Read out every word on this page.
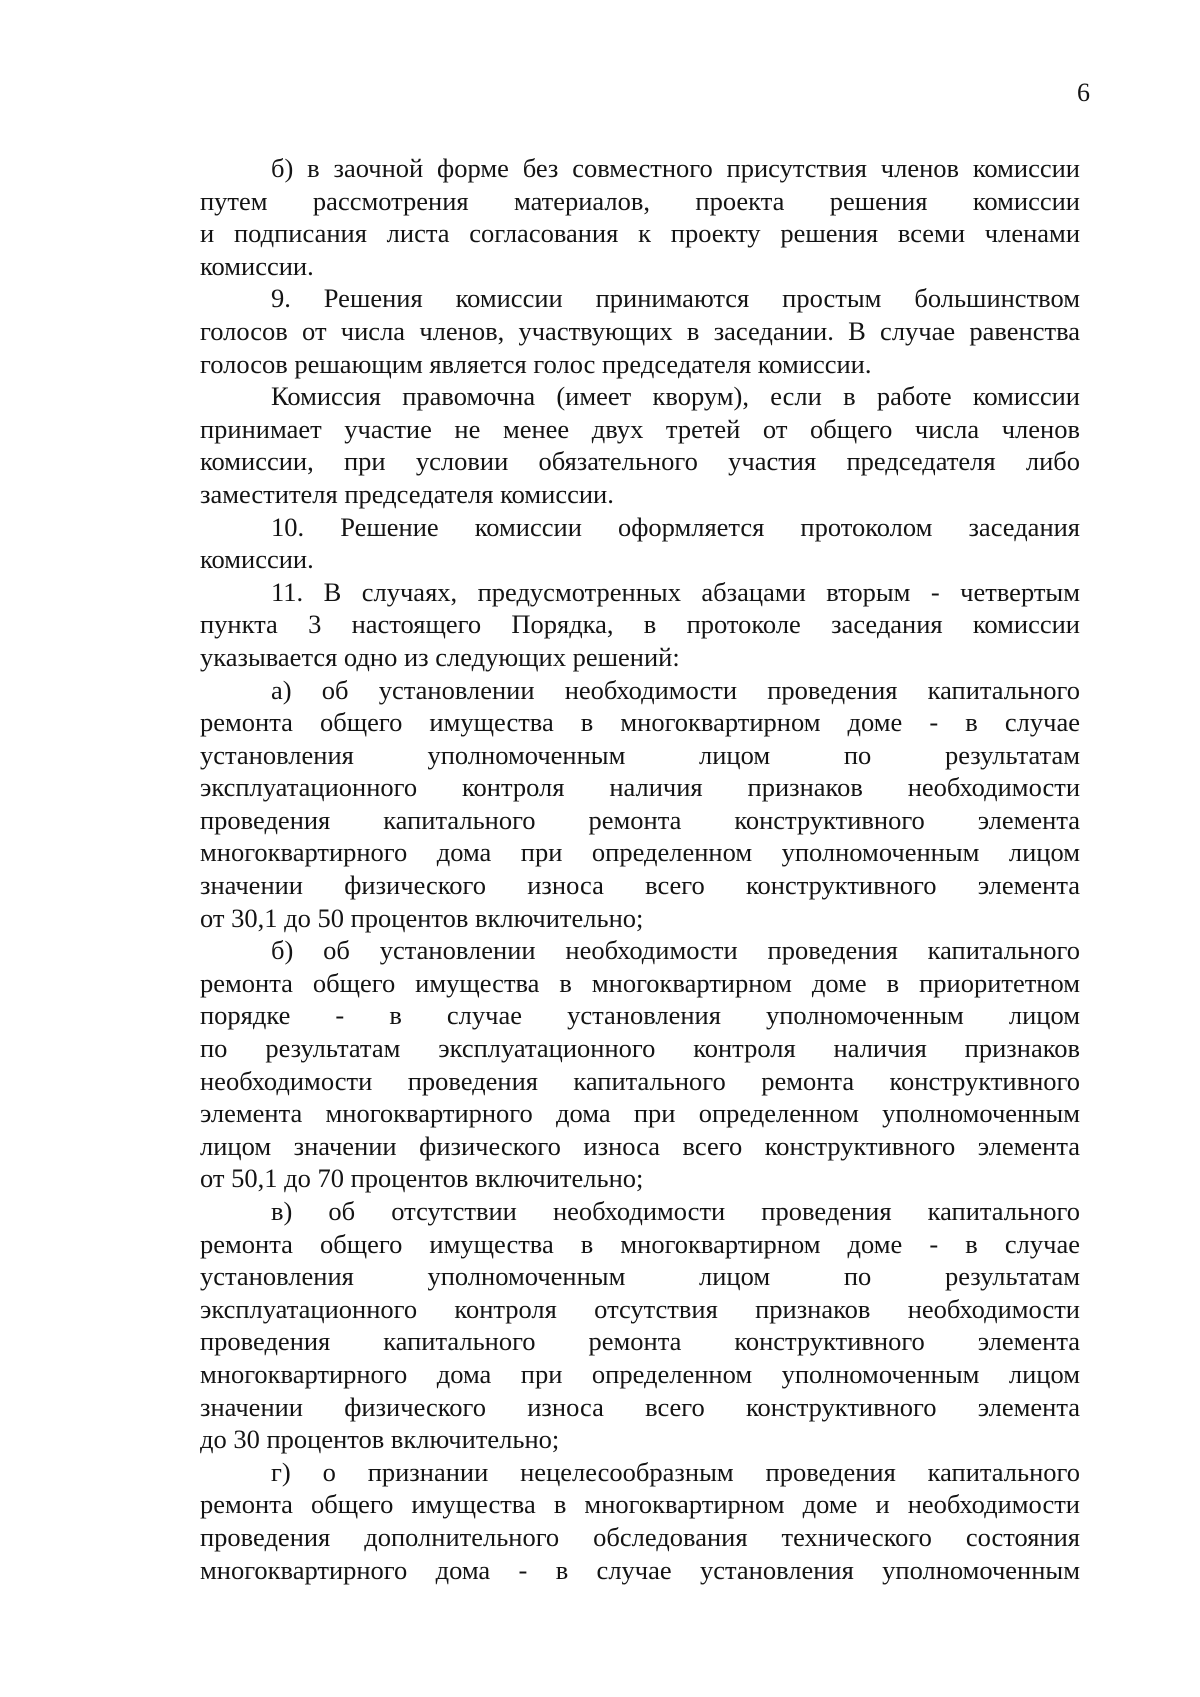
6
б) в заочной форме без совместного присутствия членов комиссии
путем рассмотрения материалов, проекта решения комиссии
и подписания листа согласования к проекту решения всеми членами
комиссии.
9. Решения комиссии принимаются простым большинством
голосов от числа членов, участвующих в заседании. В случае равенства
голосов решающим является голос председателя комиссии.
Комиссия правомочна (имеет кворум), если в работе комиссии
принимает участие не менее двух третей от общего числа членов
комиссии, при условии обязательного участия председателя либо
заместителя председателя комиссии.
10. Решение комиссии оформляется протоколом заседания
комиссии.
11. В случаях, предусмотренных абзацами вторым - четвертым
пункта 3 настоящего Порядка, в протоколе заседания комиссии
указывается одно из следующих решений:
а) об установлении необходимости проведения капитального
ремонта общего имущества в многоквартирном доме - в случае
установления уполномоченным лицом по результатам
эксплуатационного контроля наличия признаков необходимости
проведения капитального ремонта конструктивного элемента
многоквартирного дома при определенном уполномоченным лицом
значении физического износа всего конструктивного элемента
от 30,1 до 50 процентов включительно;
б) об установлении необходимости проведения капитального
ремонта общего имущества в многоквартирном доме в приоритетном
порядке - в случае установления уполномоченным лицом
по результатам эксплуатационного контроля наличия признаков
необходимости проведения капитального ремонта конструктивного
элемента многоквартирного дома при определенном уполномоченным
лицом значении физического износа всего конструктивного элемента
от 50,1 до 70 процентов включительно;
в) об отсутствии необходимости проведения капитального
ремонта общего имущества в многоквартирном доме - в случае
установления уполномоченным лицом по результатам
эксплуатационного контроля отсутствия признаков необходимости
проведения капитального ремонта конструктивного элемента
многоквартирного дома при определенном уполномоченным лицом
значении физического износа всего конструктивного элемента
до 30 процентов включительно;
г) о признании нецелесообразным проведения капитального
ремонта общего имущества в многоквартирном доме и необходимости
проведения дополнительного обследования технического состояния
многоквартирного дома - в случае установления уполномоченным
